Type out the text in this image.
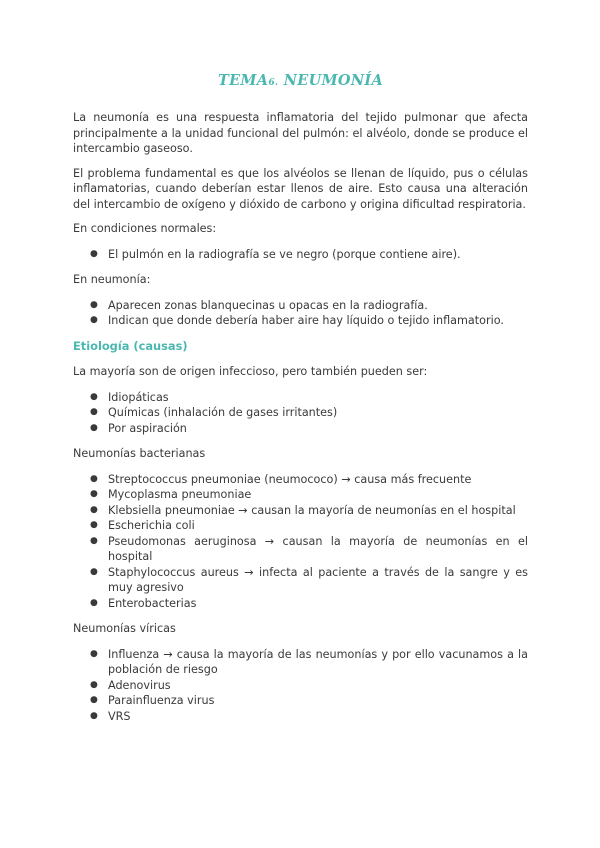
TEMA6. NEUMONÍA

La neumonía es una respuesta inflamatoria del tejido pulmonar que afecta principalmente a la unidad funcional del pulmón: el alvéolo, donde se produce el intercambio gaseoso.

El problema fundamental es que los alvéolos se llenan de líquido, pus o células inflamatorias, cuando deberían estar llenos de aire. Esto causa una alteración del intercambio de oxígeno y dióxido de carbono y origina dificultad respiratoria.

En condiciones normales:

● El pulmón en la radiografía se ve negro (porque contiene aire).

En neumonía:

● Aparecen zonas blanquecinas u opacas en la radiografía.
● Indican que donde debería haber aire hay líquido o tejido inflamatorio.
Etiología (causas)

La mayoría son de origen infeccioso, pero también pueden ser:

● Idiopáticas
● Químicas (inhalación de gases irritantes)
● Por aspiración

Neumonías bacterianas

● Streptococcus pneumoniae (neumococo) → causa más frecuente
● Mycoplasma pneumoniae
● Klebsiella pneumoniae → causan la mayoría de neumonías en el hospital
● Escherichia coli
● Pseudomonas aeruginosa → causan la mayoría de neumonías en el hospital
● Staphylococcus aureus → infecta al paciente a través de la sangre y es muy agresivo
● Enterobacterias

Neumonías víricas

● Influenza → causa la mayoría de las neumonías y por ello vacunamos a la población de riesgo
● Adenovirus
● Parainfluenza virus
● VRS
